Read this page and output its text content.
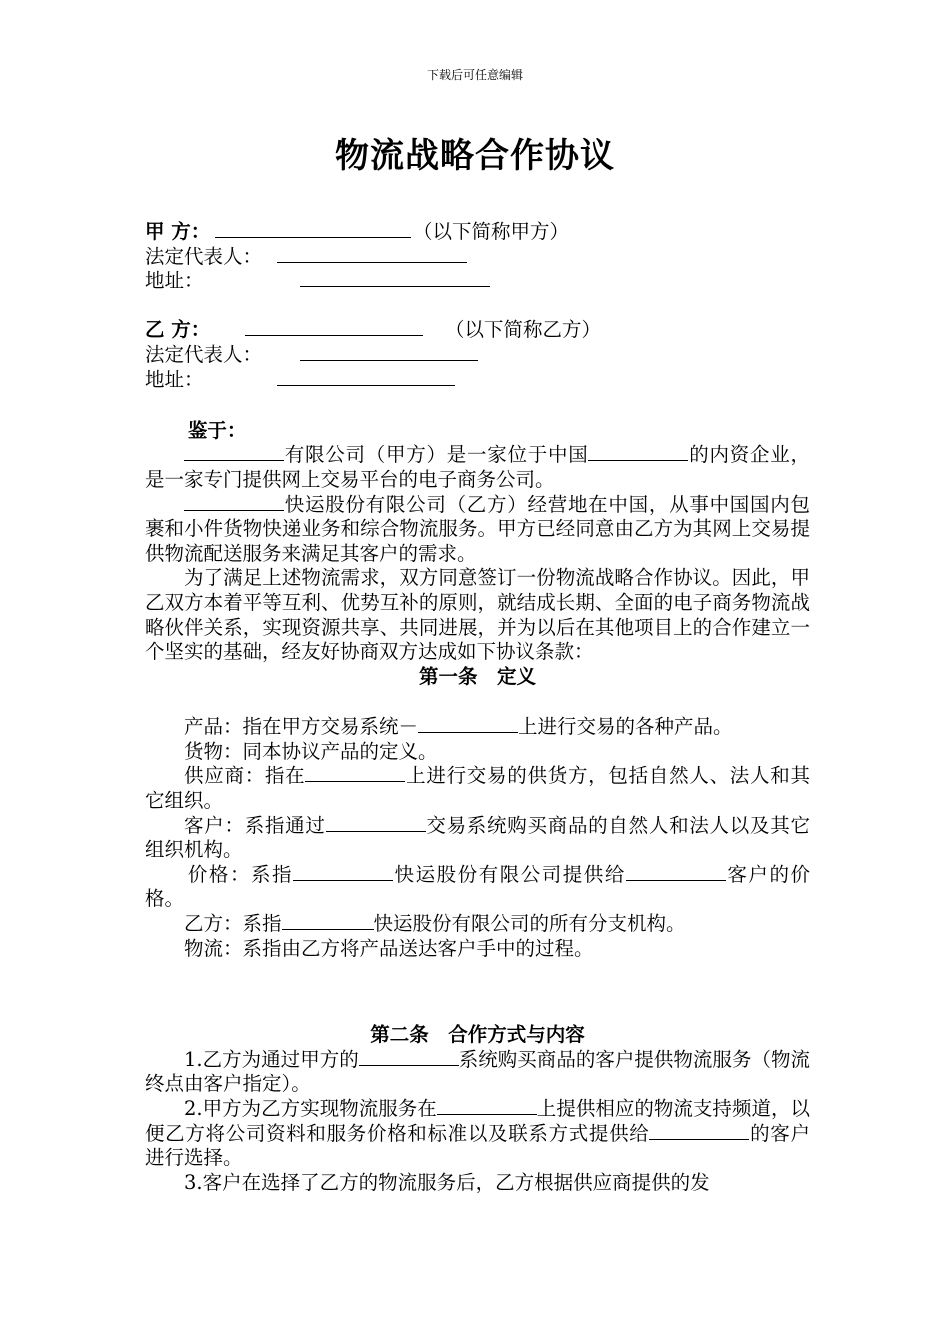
下载后可任意编辑
物流战略合作协议
甲 方：	（以下简称甲方）
法定代表人：
地址：
乙 方：	（以下简称乙方）
法定代表人：
地址：

鉴于：

有限公司（甲方）是一家位于中国	的内资企业，是一家专门提供网上交易平台的电子商务公司。

快运股份有限公司（乙方）经营地在中国，从事中国国内包裹和小件货物快递业务和综合物流服务。甲方已经同意由乙方为其网上交易提供物流配送服务来满足其客户的需求。

为了满足上述物流需求，双方同意签订一份物流战略合作协议。因此，甲乙双方本着平等互利、优势互补的原则，就结成长期、全面的电子商务物流战略伙伴关系，实现资源共享、共同进展，并为以后在其他项目上的合作建立一个坚实的基础，经友好协商双方达成如下协议条款：

第一条　定义

产品：指在甲方交易系统－	上进行交易的各种产品。

货物：同本协议产品的定义。

供应商：指在	上进行交易的供货方，包括自然人、法人和其它组织。

客户：系指通过	交易系统购买商品的自然人和法人以及其它组织机构。

价格：系指	快运股份有限公司提供给	客户的价格。

乙方：系指	快运股份有限公司的所有分支机构。

物流：系指由乙方将产品送达客户手中的过程。

第二条　合作方式与内容

1.乙方为通过甲方的	系统购买商品的客户提供物流服务（物流终点由客户指定）。

2.甲方为乙方实现物流服务在	上提供相应的物流支持频道，以便乙方将公司资料和服务价格和标准以及联系方式提供给	的客户进行选择。

3.客户在选择了乙方的物流服务后，乙方根据供应商提供的发
